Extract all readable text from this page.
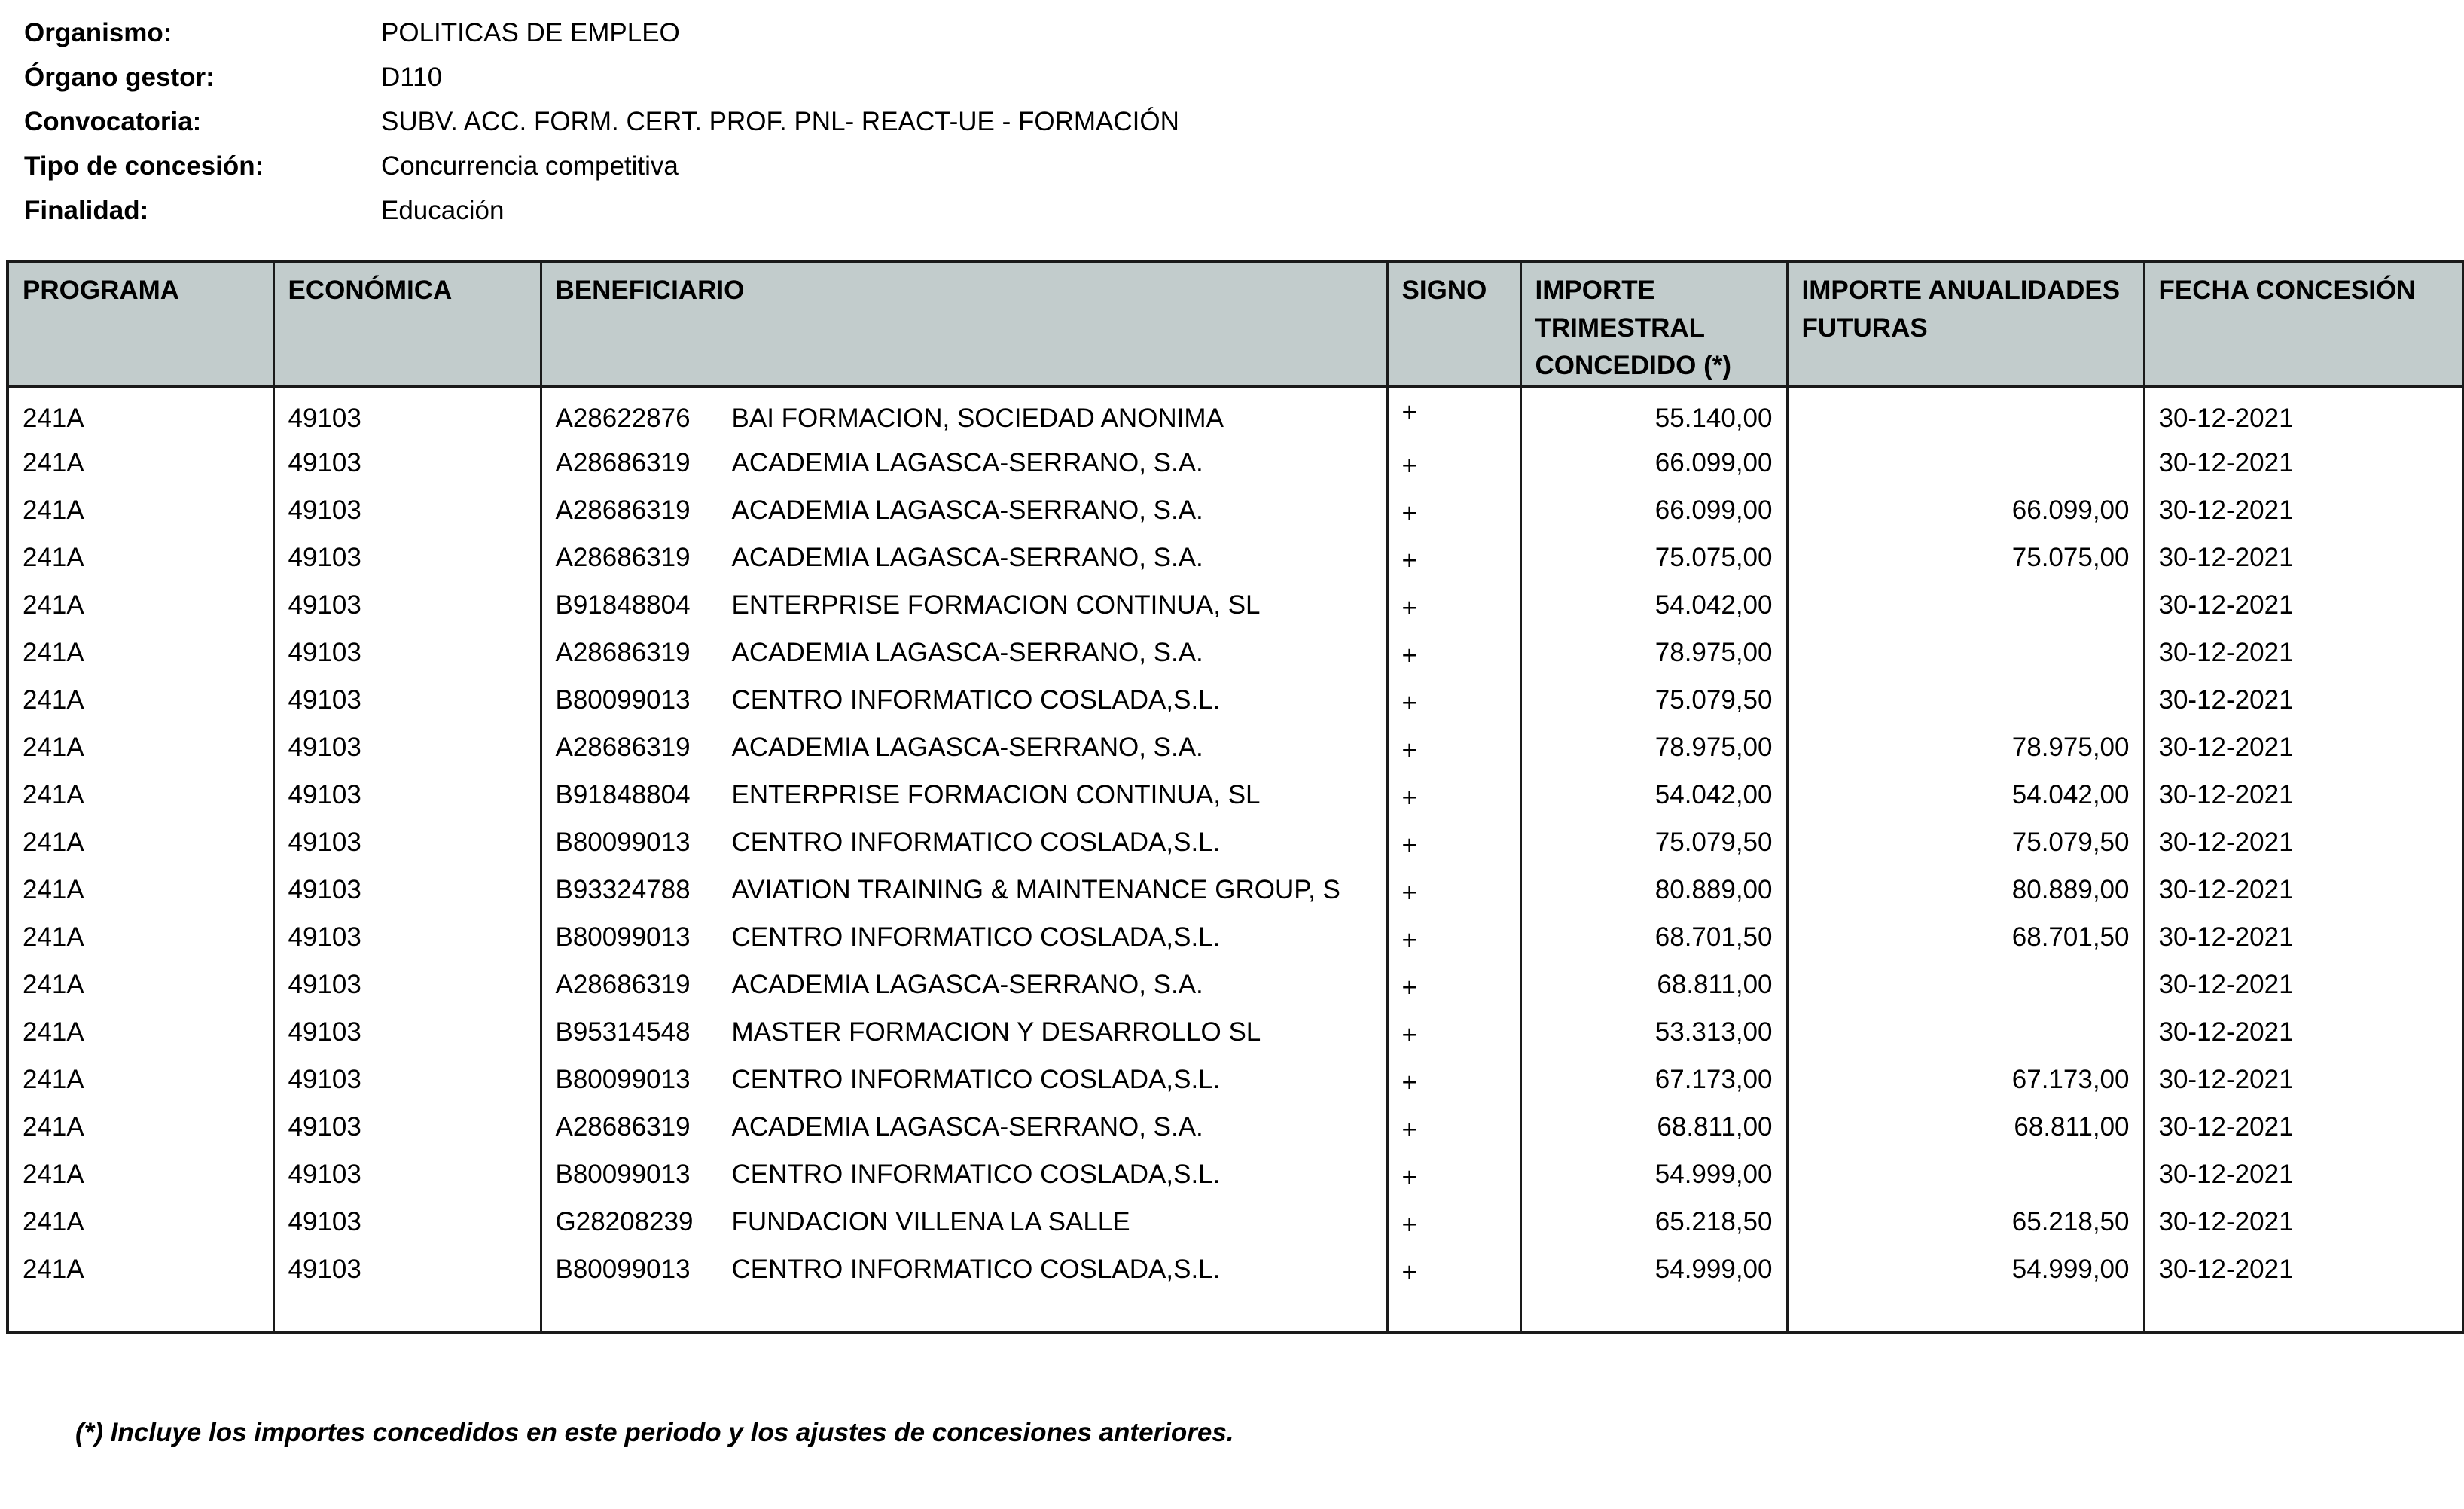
Organismo:	POLITICAS DE EMPLEO
Órgano gestor:	D110
Convocatoria:	SUBV. ACC. FORM. CERT. PROF. PNL- REACT-UE - FORMACIÓN
Tipo de concesión:	Concurrencia competitiva
Finalidad:	Educación
PROGRAMA	ECONÓMICA	BENEFICIARIO	SIGNO	IMPORTE TRIMESTRAL CONCEDIDO (*)	IMPORTE ANUALIDADES FUTURAS	FECHA CONCESIÓN
241A	49103	A28622876 BAI FORMACION, SOCIEDAD ANONIMA	+	55.140,00		30-12-2021
241A	49103	A28686319 ACADEMIA LAGASCA-SERRANO, S.A.	+	66.099,00		30-12-2021
241A	49103	A28686319 ACADEMIA LAGASCA-SERRANO, S.A.	+	66.099,00	66.099,00	30-12-2021
241A	49103	A28686319 ACADEMIA LAGASCA-SERRANO, S.A.	+	75.075,00	75.075,00	30-12-2021
241A	49103	B91848804 ENTERPRISE FORMACION CONTINUA, SL	+	54.042,00		30-12-2021
241A	49103	A28686319 ACADEMIA LAGASCA-SERRANO, S.A.	+	78.975,00		30-12-2021
241A	49103	B80099013 CENTRO INFORMATICO COSLADA,S.L.	+	75.079,50		30-12-2021
241A	49103	A28686319 ACADEMIA LAGASCA-SERRANO, S.A.	+	78.975,00	78.975,00	30-12-2021
241A	49103	B91848804 ENTERPRISE FORMACION CONTINUA, SL	+	54.042,00	54.042,00	30-12-2021
241A	49103	B80099013 CENTRO INFORMATICO COSLADA,S.L.	+	75.079,50	75.079,50	30-12-2021
241A	49103	B93324788 AVIATION TRAINING & MAINTENANCE GROUP, S	+	80.889,00	80.889,00	30-12-2021
241A	49103	B80099013 CENTRO INFORMATICO COSLADA,S.L.	+	68.701,50	68.701,50	30-12-2021
241A	49103	A28686319 ACADEMIA LAGASCA-SERRANO, S.A.	+	68.811,00		30-12-2021
241A	49103	B95314548 MASTER FORMACION Y DESARROLLO SL	+	53.313,00		30-12-2021
241A	49103	B80099013 CENTRO INFORMATICO COSLADA,S.L.	+	67.173,00	67.173,00	30-12-2021
241A	49103	A28686319 ACADEMIA LAGASCA-SERRANO, S.A.	+	68.811,00	68.811,00	30-12-2021
241A	49103	B80099013 CENTRO INFORMATICO COSLADA,S.L.	+	54.999,00		30-12-2021
241A	49103	G28208239 FUNDACION VILLENA LA SALLE	+	65.218,50	65.218,50	30-12-2021
241A	49103	B80099013 CENTRO INFORMATICO COSLADA,S.L.	+	54.999,00	54.999,00	30-12-2021

(*) Incluye los importes concedidos en este periodo y los ajustes de concesiones anteriores.
